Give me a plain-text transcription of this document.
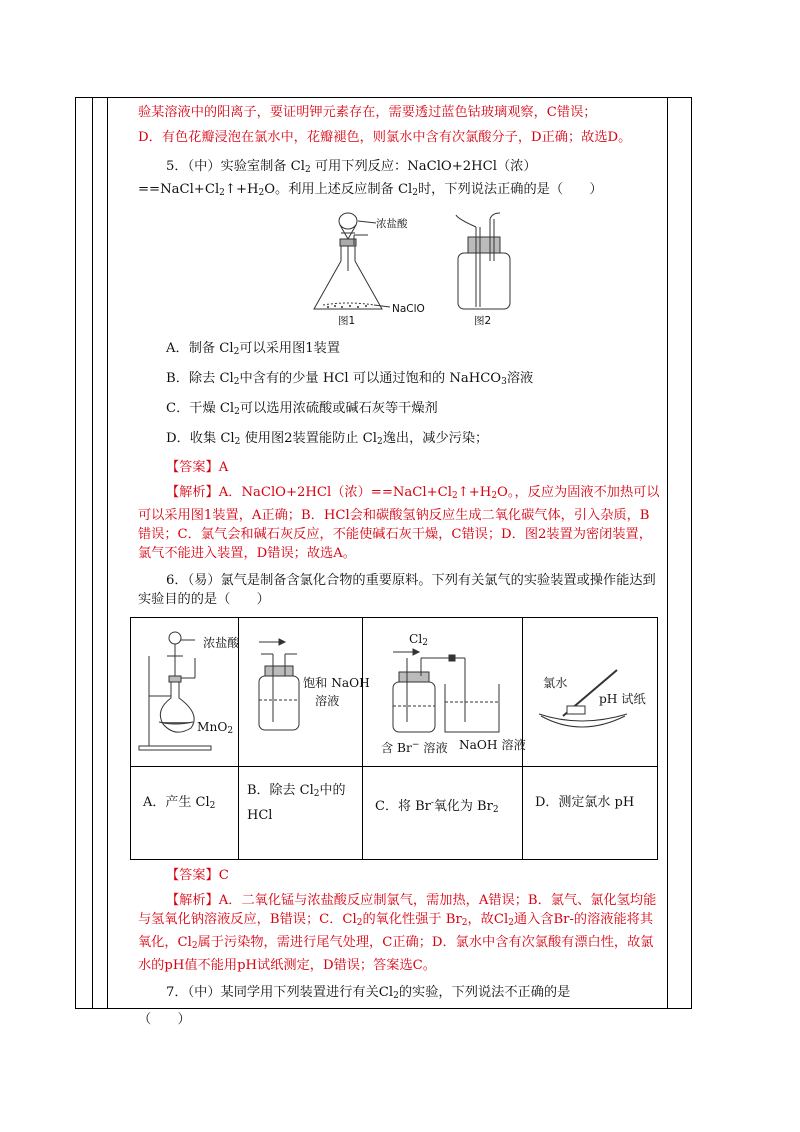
验某溶液中的阳离子，要证明钾元素存在，需要透过蓝色钴玻璃观察，C错误；

D．有色花瓣浸泡在氯水中，花瓣褪色，则氯水中含有次氯酸分子，D正确；故选D。

5．（中）实验室制备 $Cl_2$ 可用下列反应：NaClO+2HCl（浓）

$==NaCl+Cl_2↑+H_2O$。利用上述反应制备 $Cl_2$时，下列说法正确的是（　　）

浓盐酸
NaClO
图1	图2

A．制备 $Cl_2$可以采用图1装置

B．除去 $Cl_2$中含有的少量 HCl 可以通过饱和的 NaHCO$_3$溶液

C．干燥 $Cl_2$可以选用浓硫酸或碱石灰等干燥剂

D．收集 $Cl_2$ 使用图2装置能防止 $Cl_2$逸出，减少污染；

【答案】A

【解析】A．NaClO+2HCl（浓）$==NaCl+Cl_2↑+H_2O$。，反应为固液不加热可以可以采用图1装置，A正确；B．HCl会和碳酸氢钠反应生成二氧化碳气体，引入杂质，B错误；C．氯气会和碱石灰反应，不能使碱石灰干燥，C错误；D．图2装置为密闭装置，氯气不能进入装置，D错误；故选A。

6．（易）氯气是制备含氯化合物的重要原料。下列有关氯气的实验装置或操作能达到实验目的的是（　　）

浓盐酸
MnO$_2$
饱和 NaOH
溶液
$Cl_2$
含 Br− 溶液 NaOH 溶液
氯水
pH 试纸
A．产生 $Cl_2$
B．除去 $Cl_2$中的
HCl
C．将 Br-氧化为 $Br_2$	D．测定氯水 pH

【答案】C

【解析】A．二氧化锰与浓盐酸反应制氯气，需加热，A错误；B．氯气、氯化氢均能与氢氧化钠溶液反应，B错误；C．$Cl_2$的氧化性强于 $Br_2$，故$Cl_2$通入含Br-的溶液能将其氧化，$Cl_2$属于污染物，需进行尾气处理，C正确；D．氯水中含有次氯酸有漂白性，故氯水的pH值不能用pH试纸测定，D错误；答案选C。

7．（中）某同学用下列装置进行有关$Cl_2$的实验，下列说法不正确的是

（　　）
